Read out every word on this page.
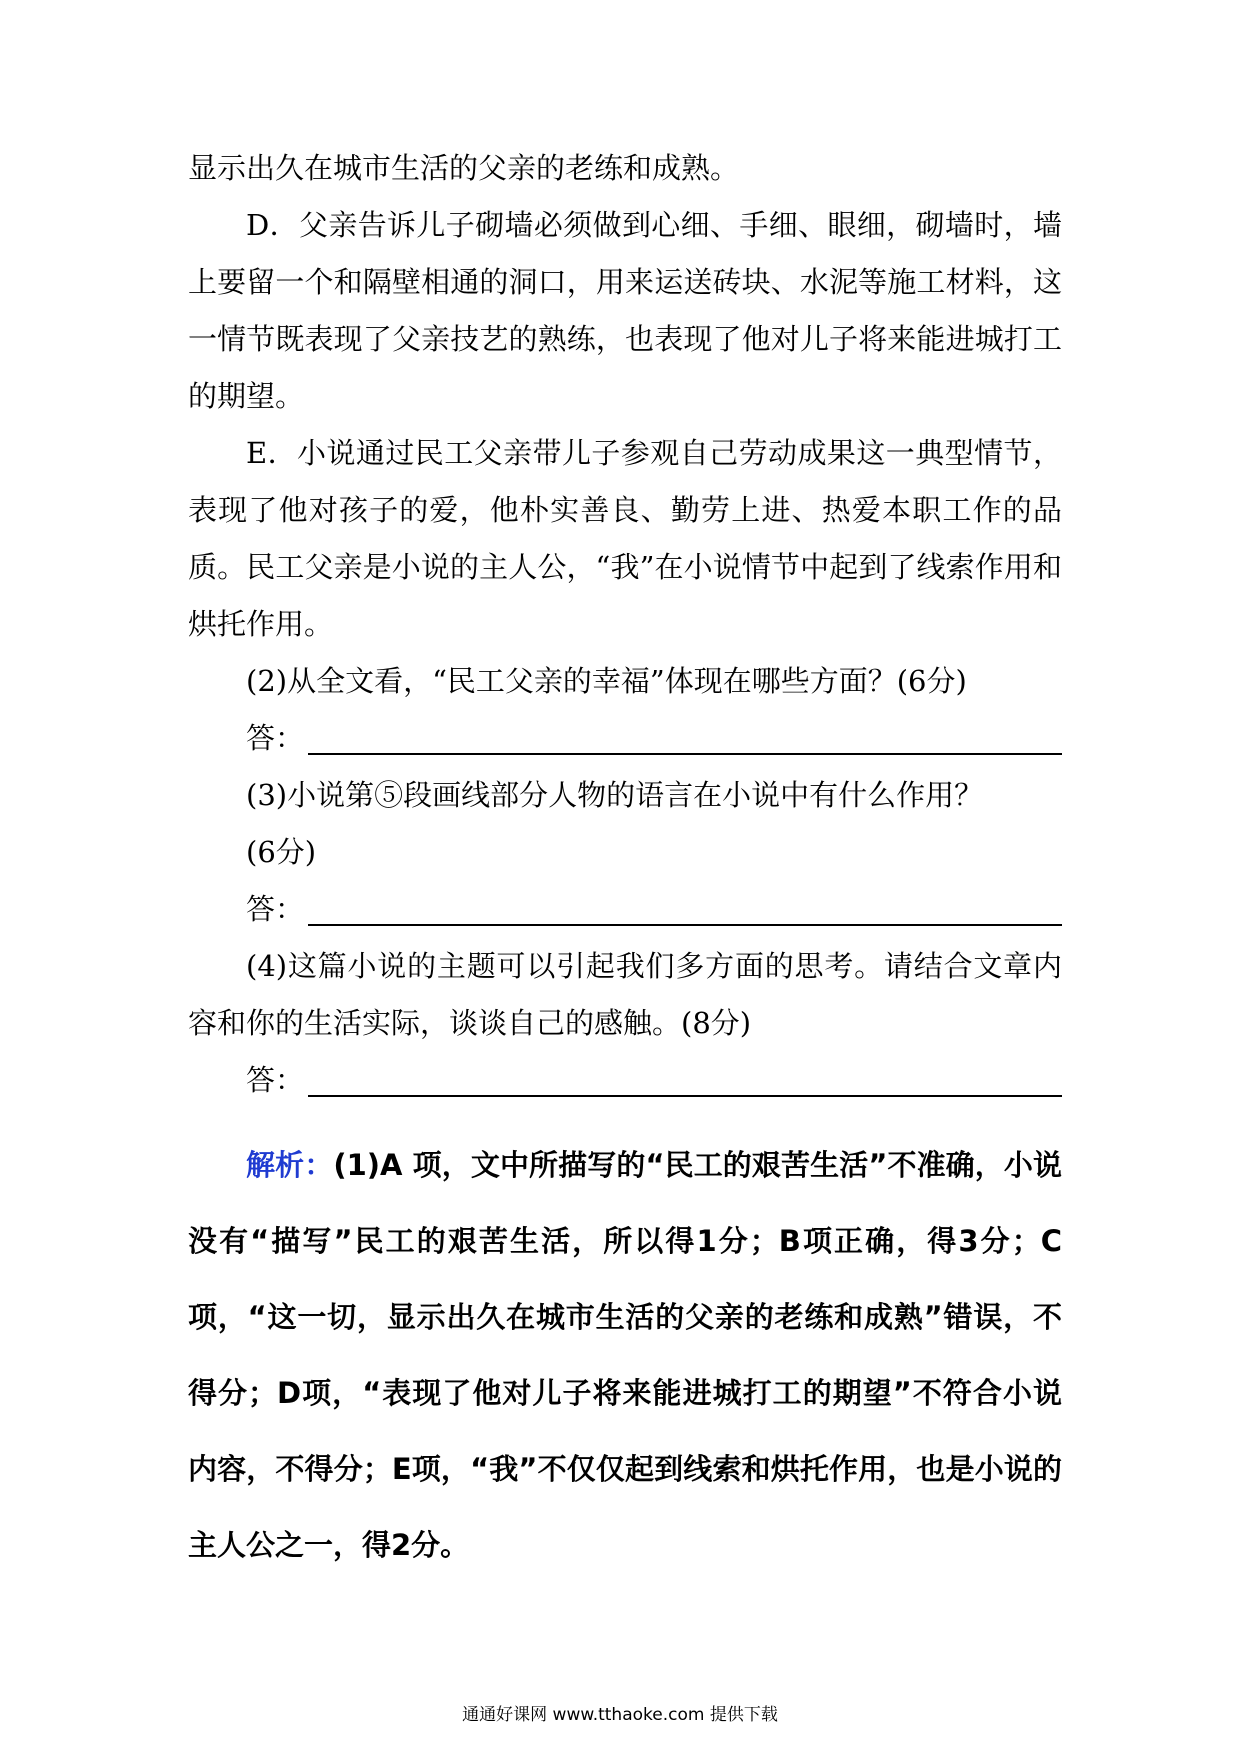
显示出久在城市生活的父亲的老练和成熟。

D．父亲告诉儿子砌墙必须做到心细、手细、眼细，砌墙时，墙上要留一个和隔壁相通的洞口，用来运送砖块、水泥等施工材料，这一情节既表现了父亲技艺的熟练，也表现了他对儿子将来能进城打工的期望。

E．小说通过民工父亲带儿子参观自己劳动成果这一典型情节，表现了他对孩子的爱，他朴实善良、勤劳上进、热爱本职工作的品质。民工父亲是小说的主人公，“我”在小说情节中起到了线索作用和烘托作用。

(2)从全文看，“民工父亲的幸福”体现在哪些方面？(6分)

答：

(3)小说第⑤段画线部分人物的语言在小说中有什么作用？

(6分)

答：

(4)这篇小说的主题可以引起我们多方面的思考。请结合文章内容和你的生活实际，谈谈自己的感触。(8分)

答：

解析：(1)A 项，文中所描写的“民工的艰苦生活”不准确，小说没有“描写”民工的艰苦生活，所以得1分；B项正确，得3分；C项，“这一切，显示出久在城市生活的父亲的老练和成熟”错误，不得分；D项，“表现了他对儿子将来能进城打工的期望”不符合小说内容，不得分；E项，“我”不仅仅起到线索和烘托作用，也是小说的主人公之一，得2分。

通通好课网 www.tthaoke.com 提供下载
